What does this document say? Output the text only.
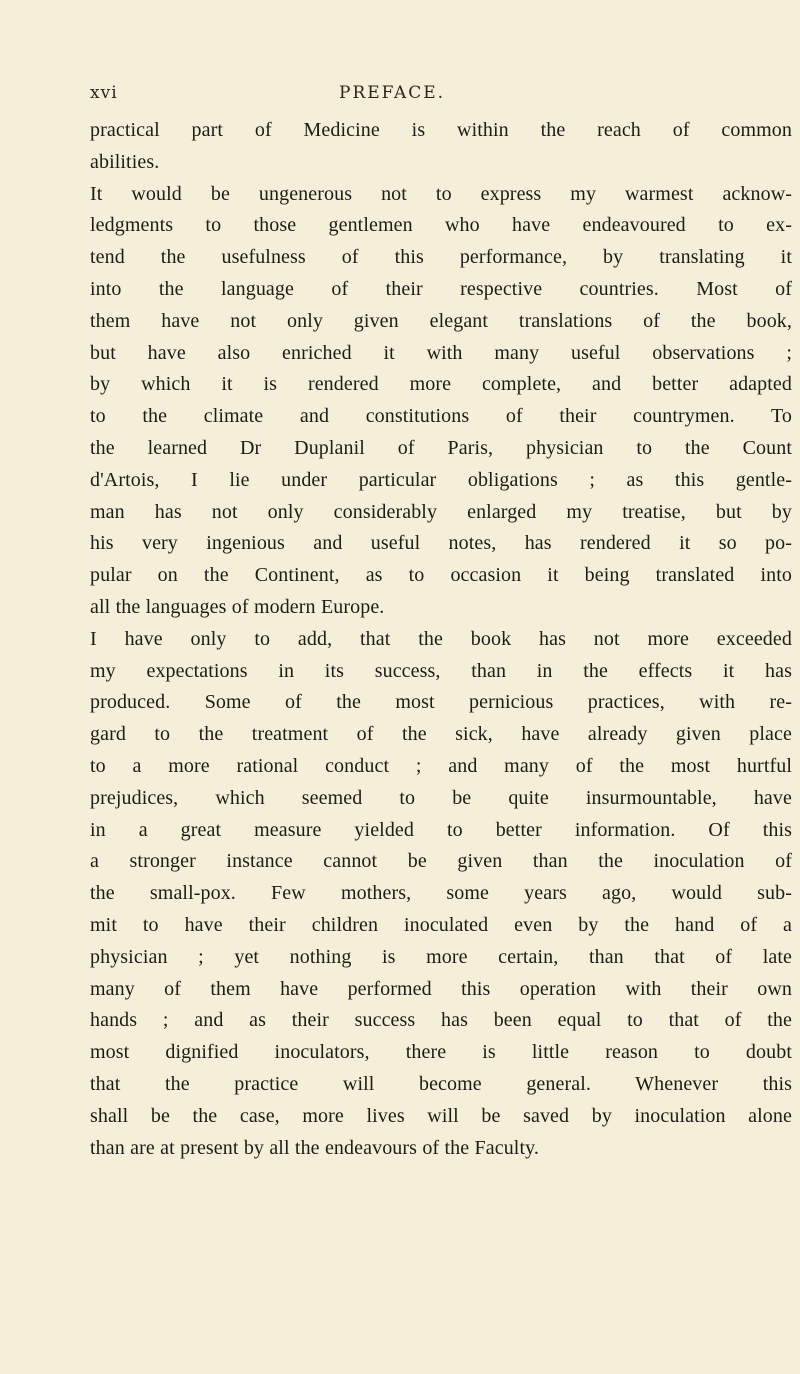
xvi	PREFACE.
practical part of Medicine is within the reach of common
abilities.
It would be ungenerous not to express my warmest acknow-
ledgments to those gentlemen who have endeavoured to ex-
tend the usefulness of this performance, by translating it
into the language of their respective countries. Most of
them have not only given elegant translations of the book,
but have also enriched it with many useful observations ;
by which it is rendered more complete, and better adapted
to the climate and constitutions of their countrymen. To
the learned Dr Duplanil of Paris, physician to the Count
d'Artois, I lie under particular obligations ; as this gentle-
man has not only considerably enlarged my treatise, but by
his very ingenious and useful notes, has rendered it so po-
pular on the Continent, as to occasion it being translated into
all the languages of modern Europe.
I have only to add, that the book has not more exceeded
my expectations in its success, than in the effects it has
produced. Some of the most pernicious practices, with re-
gard to the treatment of the sick, have already given place
to a more rational conduct ; and many of the most hurtful
prejudices, which seemed to be quite insurmountable, have
in a great measure yielded to better information. Of this
a stronger instance cannot be given than the inoculation of
the small-pox. Few mothers, some years ago, would sub-
mit to have their children inoculated even by the hand of a
physician ; yet nothing is more certain, than that of late
many of them have performed this operation with their own
hands ; and as their success has been equal to that of the
most dignified inoculators, there is little reason to doubt
that the practice will become general. Whenever this
shall be the case, more lives will be saved by inoculation alone
than are at present by all the endeavours of the Faculty.
